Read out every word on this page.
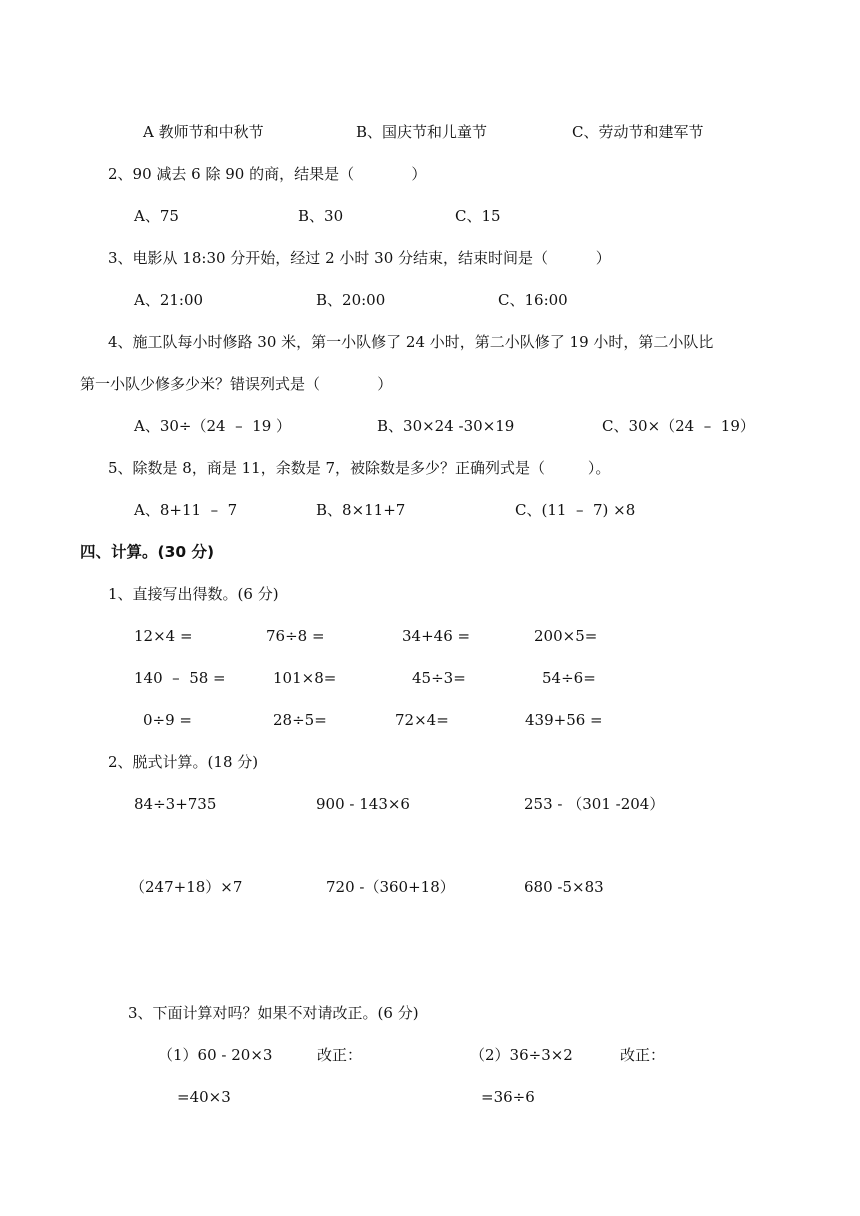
A 教师节和中秋节	B、国庆节和儿童节	C、劳动节和建军节
2、90 减去 6 除 90 的商，结果是（            ）
A、75	B、30	C、15
3、电影从 18:30 分开始，经过 2 小时 30 分结束，结束时间是（          ）
A、21:00	B、20:00	C、16:00
4、施工队每小时修路 30 米，第一小队修了 24 小时，第二小队修了 19 小时，第二小队比
第一小队少修多少米？错误列式是（            ）
A、30÷（24  –  19 ）	B、30×24 -30×19	C、30×（24  –  19）
5、除数是 8，商是 11，余数是 7，被除数是多少？正确列式是（         ）。
A、8+11  –  7	B、8×11+7	C、(11  –  7) ×8
四、计算。(30 分)
1、直接写出得数。(6 分)
12×4 =	76÷8 =	34+46 =	200×5=
140  –  58 =	101×8=	45÷3=	54÷6=
0÷9 =	28÷5=	72×4=	439+56 =
2、脱式计算。(18 分)
84÷3+735	900 - 143×6	253 - （301 -204）
（247+18）×7	720 -（360+18）	680 -5×83
3、下面计算对吗？如果不对请改正。(6 分)
（1）60 - 20×3	改正：	（2）36÷3×2	改正：
=40×3	=36÷6
